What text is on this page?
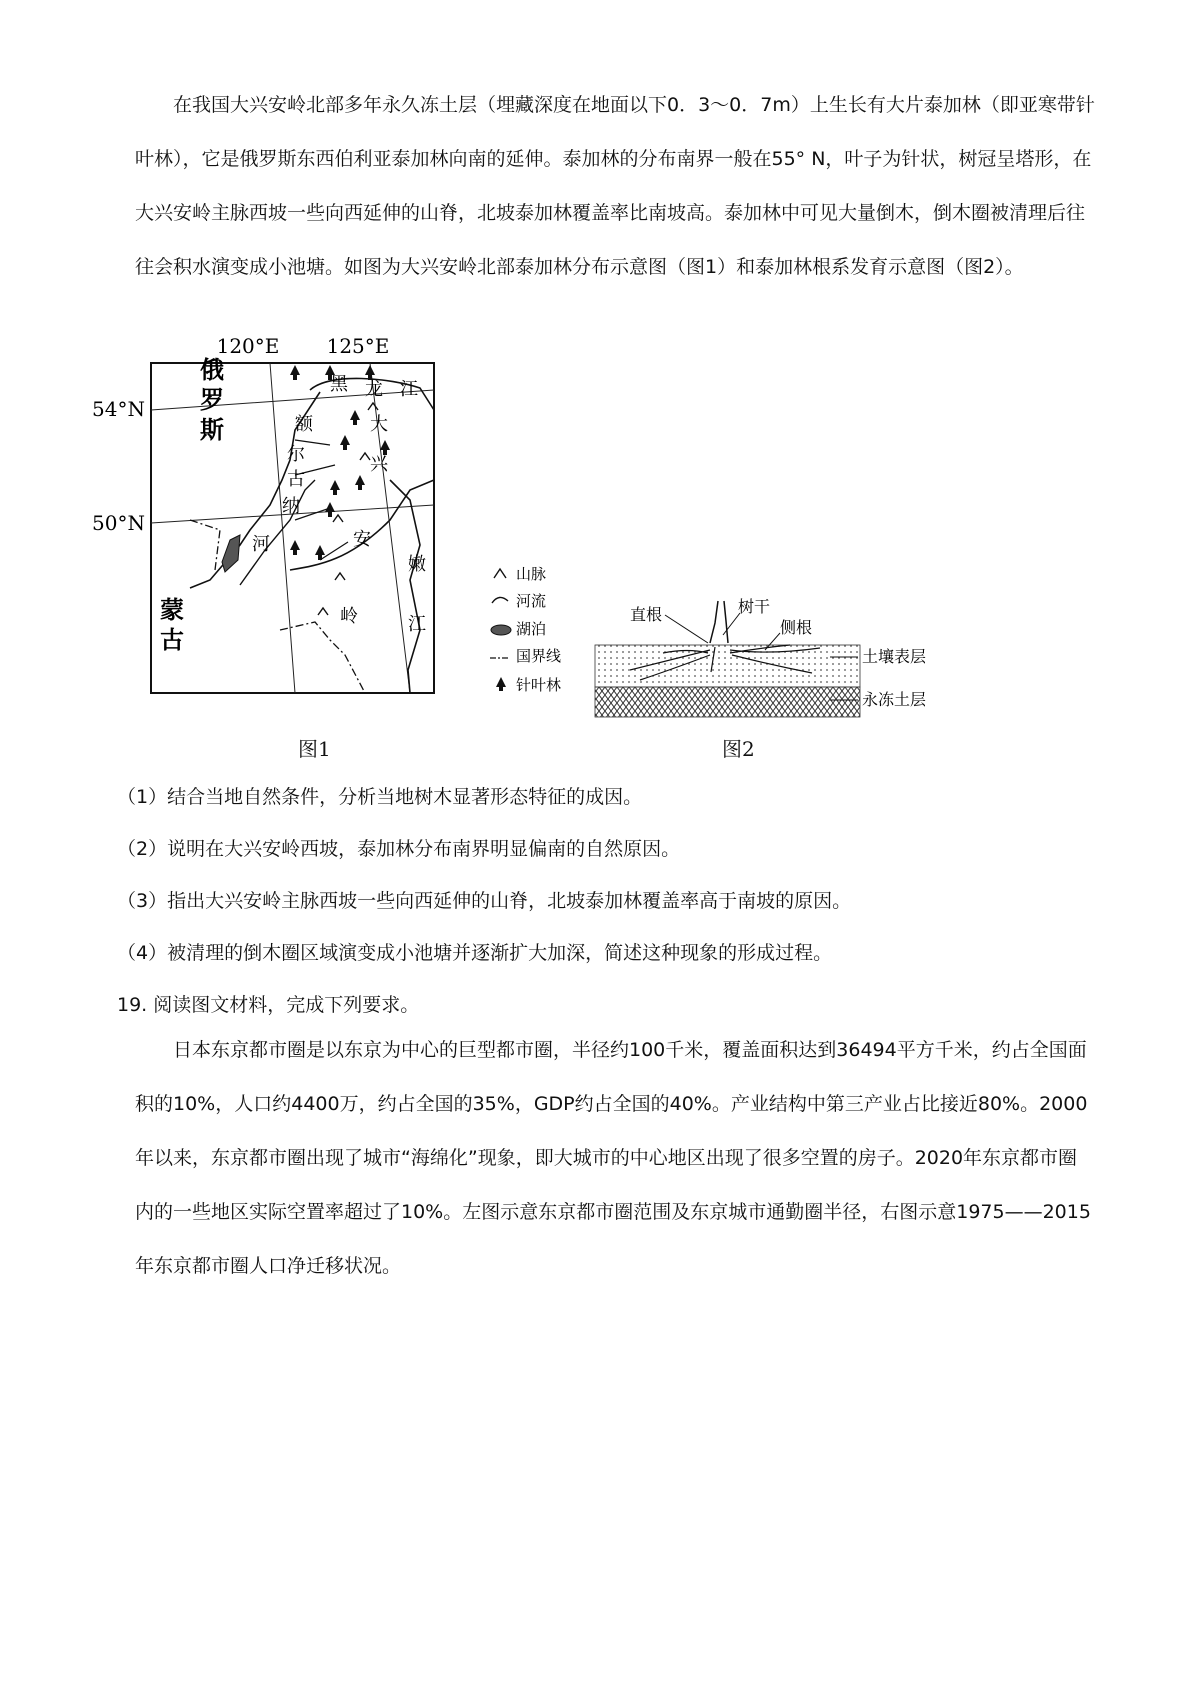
在我国大兴安岭北部多年永久冻土层（埋藏深度在地面以下0．3～0．7m）上生长有大片泰加林（即亚寒带针叶林），它是俄罗斯东西伯利亚泰加林向南的延伸。泰加林的分布南界一般在55° N，叶子为针状，树冠呈塔形，在大兴安岭主脉西坡一些向西延伸的山脊，北坡泰加林覆盖率比南坡高。泰加林中可见大量倒木，倒木圈被清理后往往会积水演变成小池塘。如图为大兴安岭北部泰加林分布示意图（图1）和泰加林根系发育示意图（图2）。

120°E 125°E
54°N
50°N
俄
罗
斯
蒙
古
黑 龙 江
额
尔
古
纳
河
大
兴
安
岭
嫩
江
图1
山脉
河流
湖泊
国界线
针叶林
直根	树干
侧根
土壤表层
永冻土层
图2

（1）结合当地自然条件，分析当地树木显著形态特征的成因。

（2）说明在大兴安岭西坡，泰加林分布南界明显偏南的自然原因。

（3）指出大兴安岭主脉西坡一些向西延伸的山脊，北坡泰加林覆盖率高于南坡的原因。

（4）被清理的倒木圈区域演变成小池塘并逐渐扩大加深，简述这种现象的形成过程。

19. 阅读图文材料，完成下列要求。

日本东京都市圈是以东京为中心的巨型都市圈，半径约100千米，覆盖面积达到36494平方千米，约占全国面积的10%，人口约4400万，约占全国的35%，GDP约占全国的40%。产业结构中第三产业占比接近80%。2000年以来，东京都市圈出现了城市“海绵化”现象，即大城市的中心地区出现了很多空置的房子。2020年东京都市圈内的一些地区实际空置率超过了10%。左图示意东京都市圈范围及东京城市通勤圈半径，右图示意1975——2015年东京都市圈人口净迁移状况。
